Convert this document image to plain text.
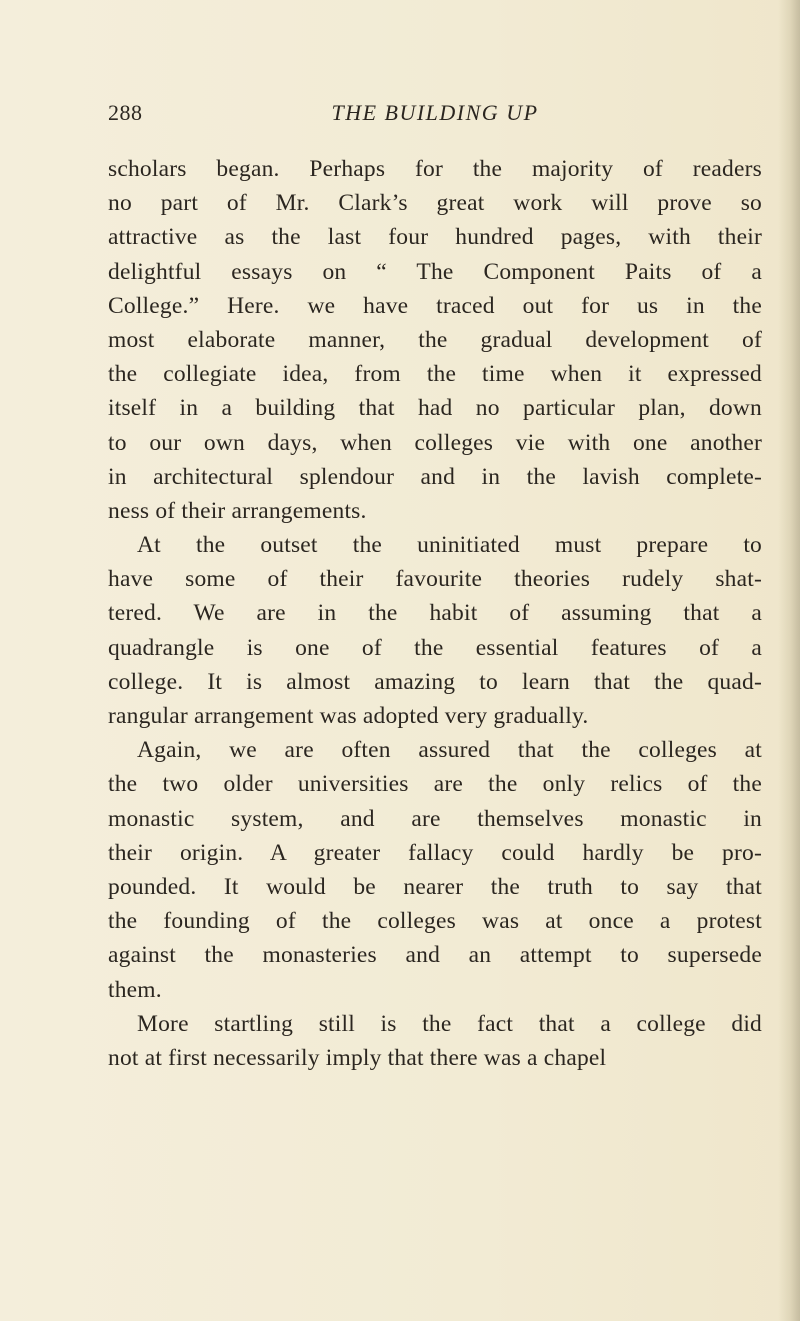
288	THE BUILDING UP
scholars began. Perhaps for the majority of readers
no part of Mr. Clark’s great work will prove so
attractive as the last four hundred pages, with their
delightful essays on “ The Component Paits of a
College.” Here. we have traced out for us in the
most elaborate manner, the gradual development of
the collegiate idea, from the time when it expressed
itself in a building that had no particular plan, down
to our own days, when colleges vie with one another
in architectural splendour and in the lavish complete-
ness of their arrangements.
At the outset the uninitiated must prepare to
have some of their favourite theories rudely shat-
tered. We are in the habit of assuming that a
quadrangle is one of the essential features of a
college. It is almost amazing to learn that the quad-
rangular arrangement was adopted very gradually.
Again, we are often assured that the colleges at
the two older universities are the only relics of the
monastic system, and are themselves monastic in
their origin. A greater fallacy could hardly be pro-
pounded. It would be nearer the truth to say that
the founding of the colleges was at once a protest
against the monasteries and an attempt to supersede
them.
More startling still is the fact that a college did
not at first necessarily imply that there was a chapel
